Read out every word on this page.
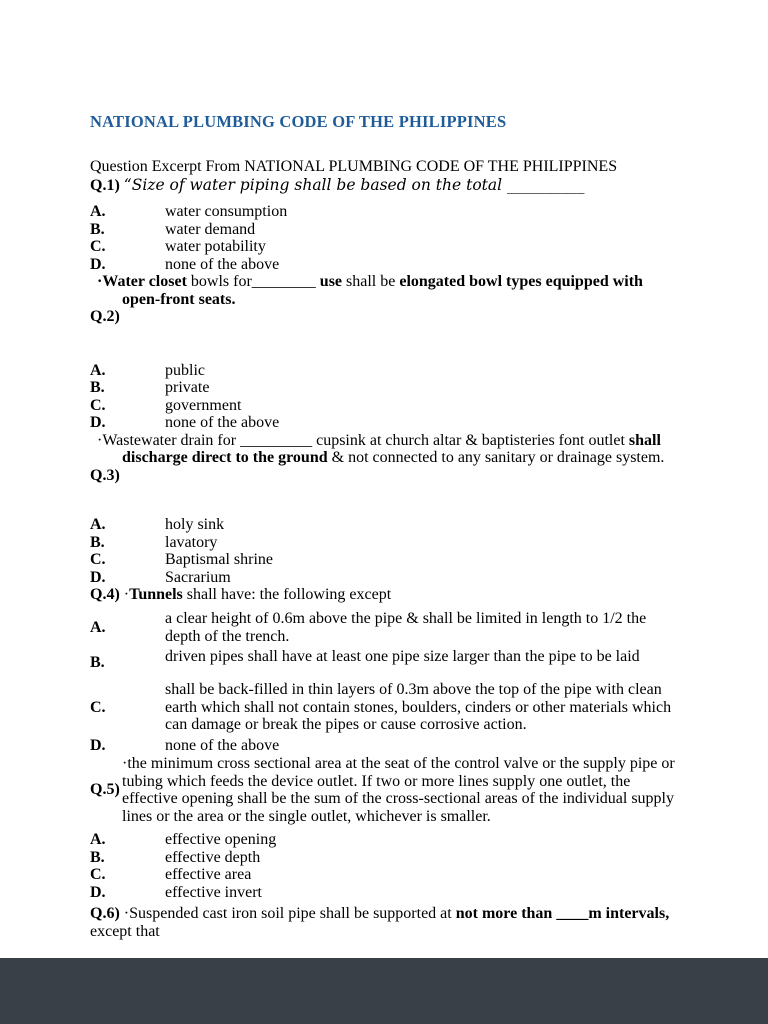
NATIONAL PLUMBING CODE OF THE PHILIPPINES

Question Excerpt From NATIONAL PLUMBING CODE OF THE PHILIPPINES

Q.1) “Size of water piping shall be based on the total __________

A.	water consumption
B.	water demand
C.	water potability
D.	none of the above

·Water closet bowls for________ use shall be elongated bowl types equipped with open-front seats.

Q.2)

A.	public
B.	private
C.	government
D.	none of the above

·Wastewater drain for _________ cupsink at church altar & baptisteries font outlet shall discharge direct to the ground & not connected to any sanitary or drainage system.

Q.3)

A.	holy sink
B.	lavatory
C.	Baptismal shrine
D.	Sacrarium

Q.4) ·Tunnels shall have: the following except

A.
a clear height of 0.6m above the pipe & shall be limited in length to 1/2 the depth of the trench.
B.	driven pipes shall have at least one pipe size larger than the pipe to be laid
C.
shall be back-filled in thin layers of 0.3m above the top of the pipe with clean earth which shall not contain stones, boulders, cinders or other materials which can damage or break the pipes or cause corrosive action.
D.	none of the above
Q.5)
·the minimum cross sectional area at the seat of the control valve or the supply pipe or tubing which feeds the device outlet. If two or more lines supply one outlet, the effective opening shall be the sum of the cross-sectional areas of the individual supply lines or the area or the single outlet, whichever is smaller.
A.	effective opening
B.	effective depth
C.	effective area
D.	effective invert

Q.6) ·Suspended cast iron soil pipe shall be supported at not more than ____m intervals, except that
